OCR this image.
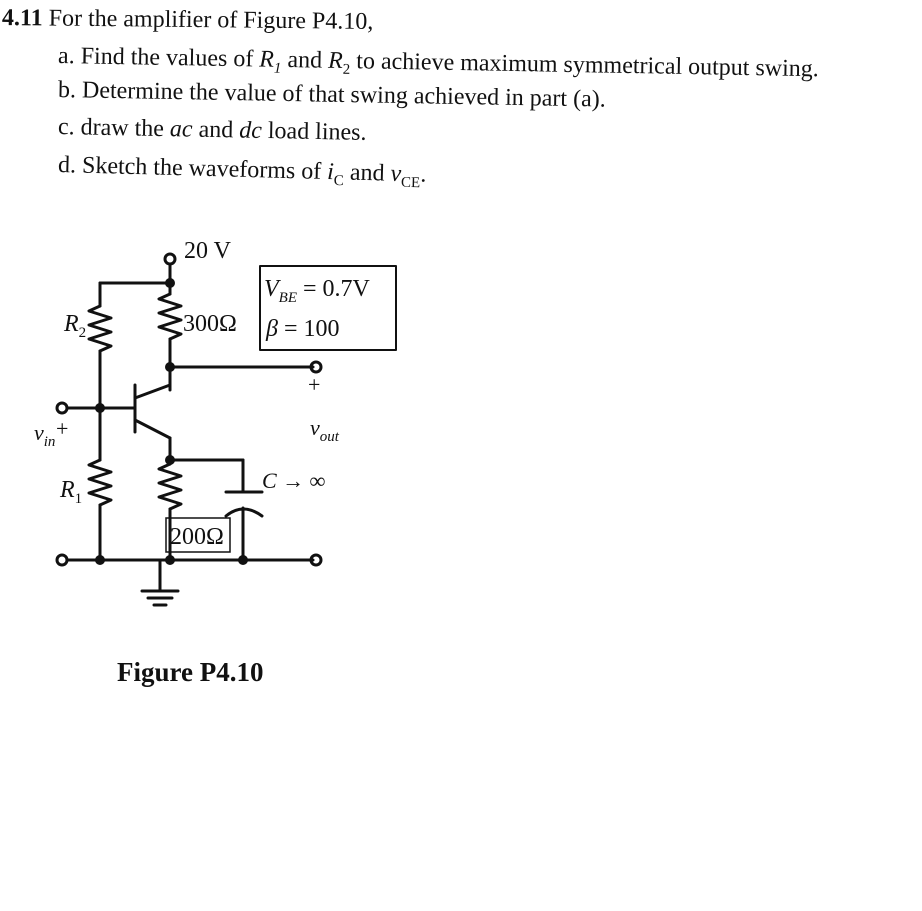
4.11 For the amplifier of Figure P4.10,
a. Find the values of $R_1$ and $R_2$ to achieve maximum symmetrical output swing.
b. Determine the value of that swing achieved in part (a).
c. draw the ac and dc load lines.
d. Sketch the waveforms of $i_C$ and $v_{CE}$.
20 V
300Ω
200Ω
$R_2$
$R_1$
$v_{in}$
+
+
$v_{out}$
$V_{BE} = 0.7V$
β = 100
C → ∞
Figure P4.10
